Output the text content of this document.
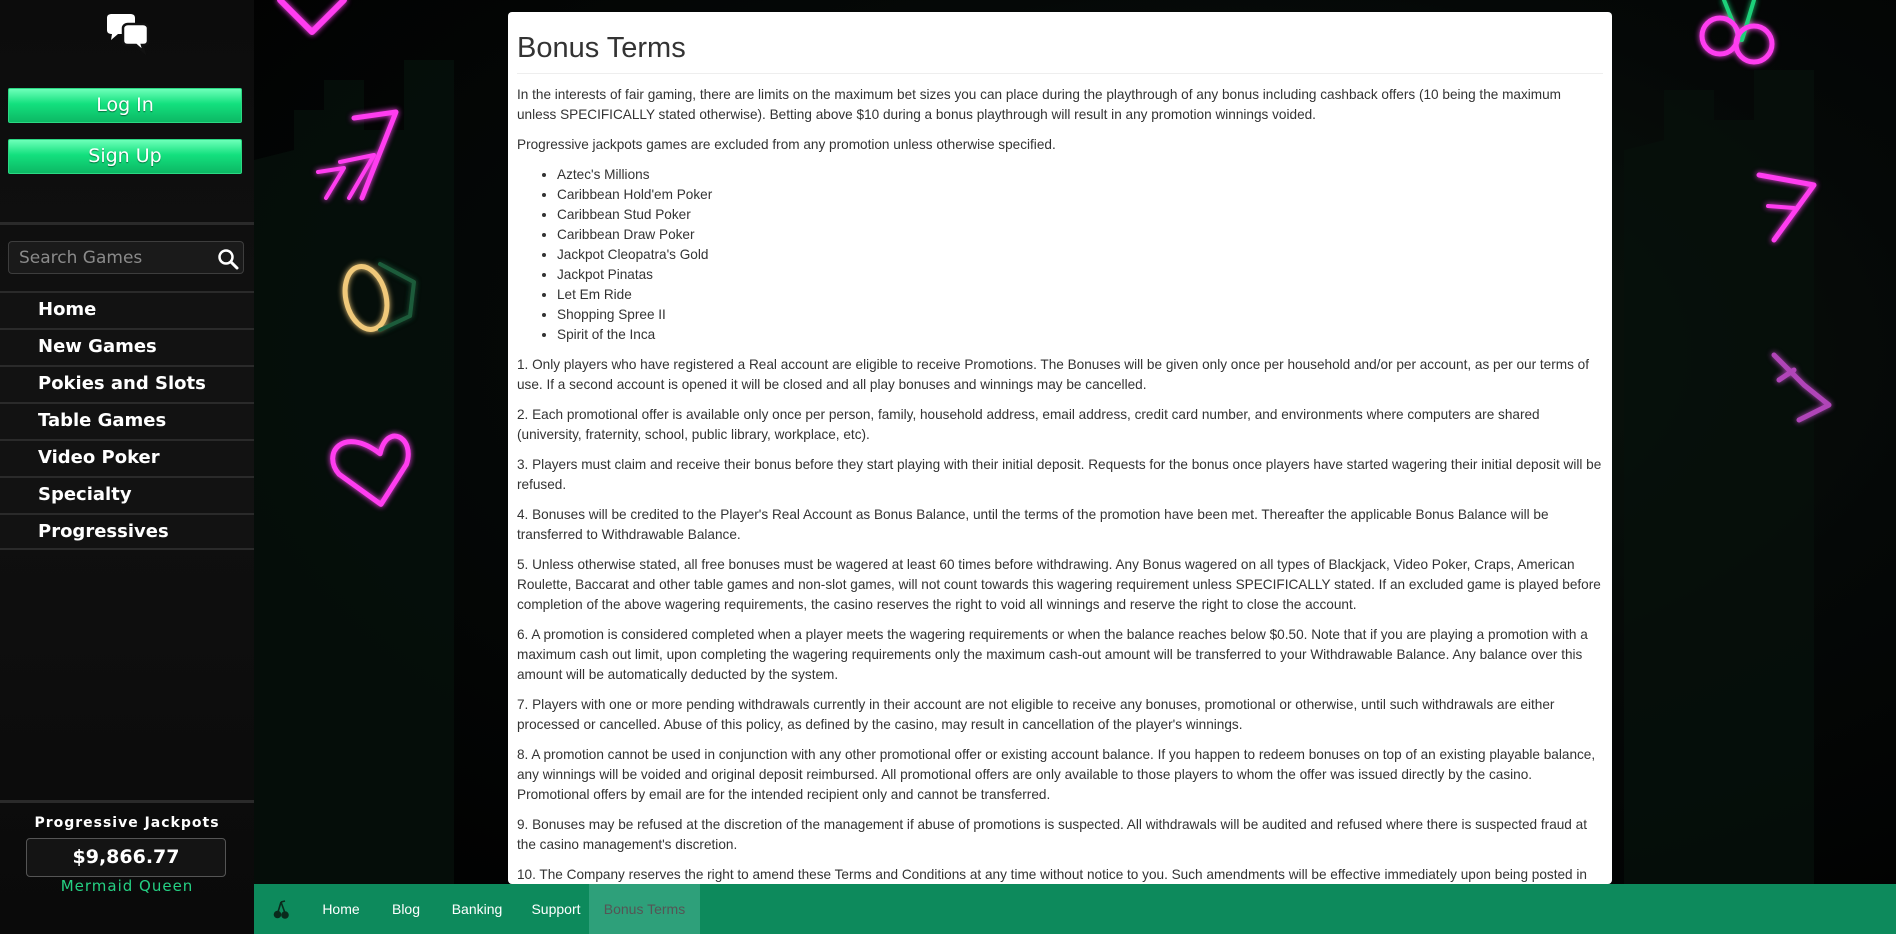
Log In
Sign Up
Search Games
Home
New Games
Pokies and Slots
Table Games
Video Poker
Specialty
Progressives
Progressive Jackpots
$9,866.77
Mermaid Queen
Bonus Terms

In the interests of fair gaming, there are limits on the maximum bet sizes you can place during the playthrough of any bonus including cashback offers (10 being the maximum unless SPECIFICALLY stated otherwise). Betting above $10 during a bonus playthrough will result in any promotion winnings voided.

Progressive jackpots games are excluded from any promotion unless otherwise specified.

• Aztec's Millions
• Caribbean Hold'em Poker
• Caribbean Stud Poker
• Caribbean Draw Poker
• Jackpot Cleopatra's Gold
• Jackpot Pinatas
• Let Em Ride
• Shopping Spree II
• Spirit of the Inca

1. Only players who have registered a Real account are eligible to receive Promotions. The Bonuses will be given only once per household and/or per account, as per our terms of use. If a second account is opened it will be closed and all play bonuses and winnings may be cancelled.

2. Each promotional offer is available only once per person, family, household address, email address, credit card number, and environments where computers are shared (university, fraternity, school, public library, workplace, etc).

3. Players must claim and receive their bonus before they start playing with their initial deposit. Requests for the bonus once players have started wagering their initial deposit will be refused.

4. Bonuses will be credited to the Player's Real Account as Bonus Balance, until the terms of the promotion have been met. Thereafter the applicable Bonus Balance will be transferred to Withdrawable Balance.

5. Unless otherwise stated, all free bonuses must be wagered at least 60 times before withdrawing. Any Bonus wagered on all types of Blackjack, Video Poker, Craps, American Roulette, Baccarat and other table games and non-slot games, will not count towards this wagering requirement unless SPECIFICALLY stated. If an excluded game is played before completion of the above wagering requirements, the casino reserves the right to void all winnings and reserve the right to close the account.

6. A promotion is considered completed when a player meets the wagering requirements or when the balance reaches below $0.50. Note that if you are playing a promotion with a maximum cash out limit, upon completing the wagering requirements only the maximum cash-out amount will be transferred to your Withdrawable Balance. Any balance over this amount will be automatically deducted by the system.

7. Players with one or more pending withdrawals currently in their account are not eligible to receive any bonuses, promotional or otherwise, until such withdrawals are either processed or cancelled. Abuse of this policy, as defined by the casino, may result in cancellation of the player's winnings.

8. A promotion cannot be used in conjunction with any other promotional offer or existing account balance. If you happen to redeem bonuses on top of an existing playable balance, any winnings will be voided and original deposit reimbursed. All promotional offers are only available to those players to whom the offer was issued directly by the casino. Promotional offers by email are for the intended recipient only and cannot be transferred.

9. Bonuses may be refused at the discretion of the management if abuse of promotions is suspected. All withdrawals will be audited and refused where there is suspected fraud at the casino management's discretion.

10. The Company reserves the right to amend these Terms and Conditions at any time without notice to you. Such amendments will be effective immediately upon being posted in

Home	Blog	Banking	Support	Bonus Terms
